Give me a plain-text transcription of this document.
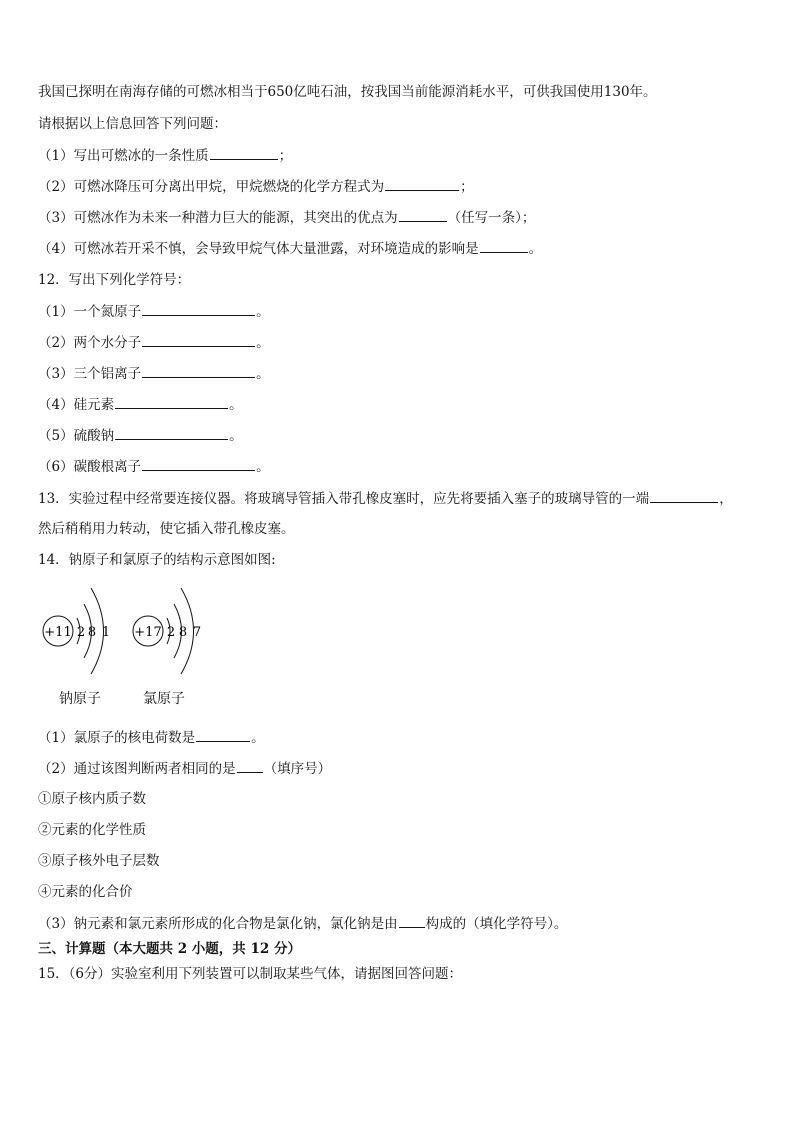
我国已探明在南海存储的可燃冰相当于650亿吨石油，按我国当前能源消耗水平，可供我国使用130年。
请根据以上信息回答下列问题：
（1）写出可燃冰的一条性质	；
（2）可燃冰降压可分离出甲烷，甲烷燃烧的化学方程式为	；
（3）可燃冰作为未来一种潜力巨大的能源，其突出的优点为	（任写一条）；
（4）可燃冰若开采不慎，会导致甲烷气体大量泄露，对环境造成的影响是	。
12．写出下列化学符号：
（1）一个氮原子	。
（2）两个水分子	。
（3）三个铝离子	。
（4）硅元素	。
（5）硫酸钠	。
（6）碳酸根离子	。
13．实验过程中经常要连接仪器。将玻璃导管插入带孔橡皮塞时，应先将要插入塞子的玻璃导管的一端	，
然后稍稍用力转动，使它插入带孔橡皮塞。
14．钠原子和氯原子的结构示意图如图:
+11 2 8 1 +17 2 8 7
钠原子	氯原子
（1）氯原子的核电荷数是	。
（2）通过该图判断两者相同的是 （填序号）
①原子核内质子数
②元素的化学性质
③原子核外电子层数
④元素的化合价
（3）钠元素和氯元素所形成的化合物是氯化钠，氯化钠是由 构成的（填化学符号）。
三、计算题（本大题共 2 小题，共 12 分）
15．（6分）实验室利用下列装置可以制取某些气体，请据图回答问题：
